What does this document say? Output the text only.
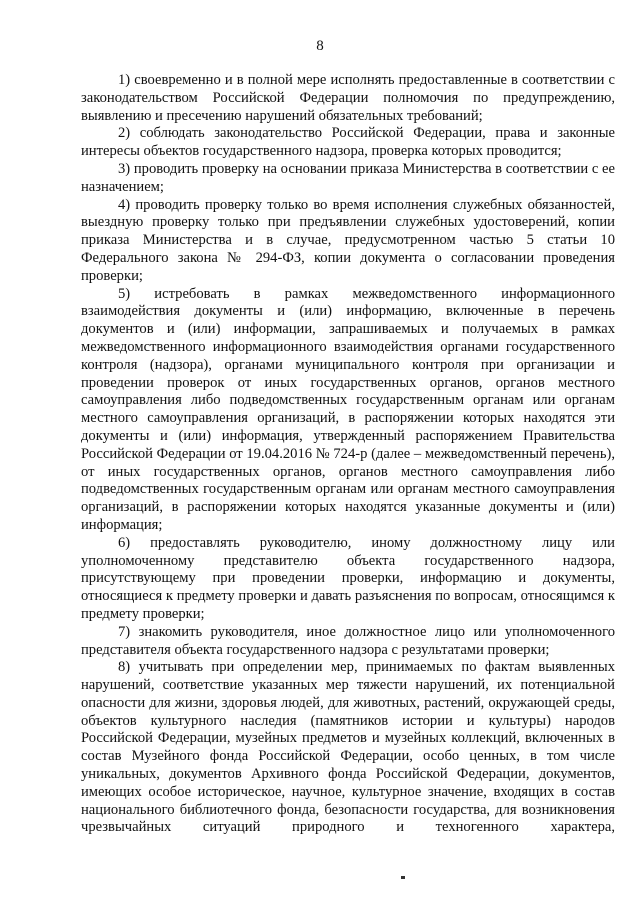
8

1) своевременно и в полной мере исполнять предоставленные в соответствии с законодательством Российской Федерации полномочия по предупреждению, выявлению и пресечению нарушений обязательных требований;

2) соблюдать законодательство Российской Федерации, права и законные интересы объектов государственного надзора, проверка которых проводится;

3) проводить проверку на основании приказа Министерства в соответствии с ее назначением;

4) проводить проверку только во время исполнения служебных обязанностей, выездную проверку только при предъявлении служебных удостоверений, копии приказа Министерства и в случае, предусмотренном частью 5 статьи 10 Федерального закона № 294-ФЗ, копии документа о согласовании проведения проверки;

5) истребовать в рамках межведомственного информационного взаимодействия документы и (или) информацию, включенные в перечень документов и (или) информации, запрашиваемых и получаемых в рамках межведомственного информационного взаимодействия органами государственного контроля (надзора), органами муниципального контроля при организации и проведении проверок от иных государственных органов, органов местного самоуправления либо подведомственных государственным органам или органам местного самоуправления организаций, в распоряжении которых находятся эти документы и (или) информация, утвержденный распоряжением Правительства Российской Федерации от 19.04.2016 № 724-р (далее – межведомственный перечень), от иных государственных органов, органов местного самоуправления либо подведомственных государственным органам или органам местного самоуправления организаций, в распоряжении которых находятся указанные документы и (или) информация;

6) предоставлять руководителю, иному должностному лицу или уполномоченному представителю объекта государственного надзора, присутствующему при проведении проверки, информацию и документы, относящиеся к предмету проверки и давать разъяснения по вопросам, относящимся к предмету проверки;

7) знакомить руководителя, иное должностное лицо или уполномоченного представителя объекта государственного надзора с результатами проверки;

8) учитывать при определении мер, принимаемых по фактам выявленных нарушений, соответствие указанных мер тяжести нарушений, их потенциальной опасности для жизни, здоровья людей, для животных, растений, окружающей среды, объектов культурного наследия (памятников истории и культуры) народов Российской Федерации, музейных предметов и музейных коллекций, включенных в состав Музейного фонда Российской Федерации, особо ценных, в том числе уникальных, документов Архивного фонда Российской Федерации, документов, имеющих особое историческое, научное, культурное значение, входящих в состав национального библиотечного фонда, безопасности государства, для возникновения чрезвычайных ситуаций природного и техногенного характера,
